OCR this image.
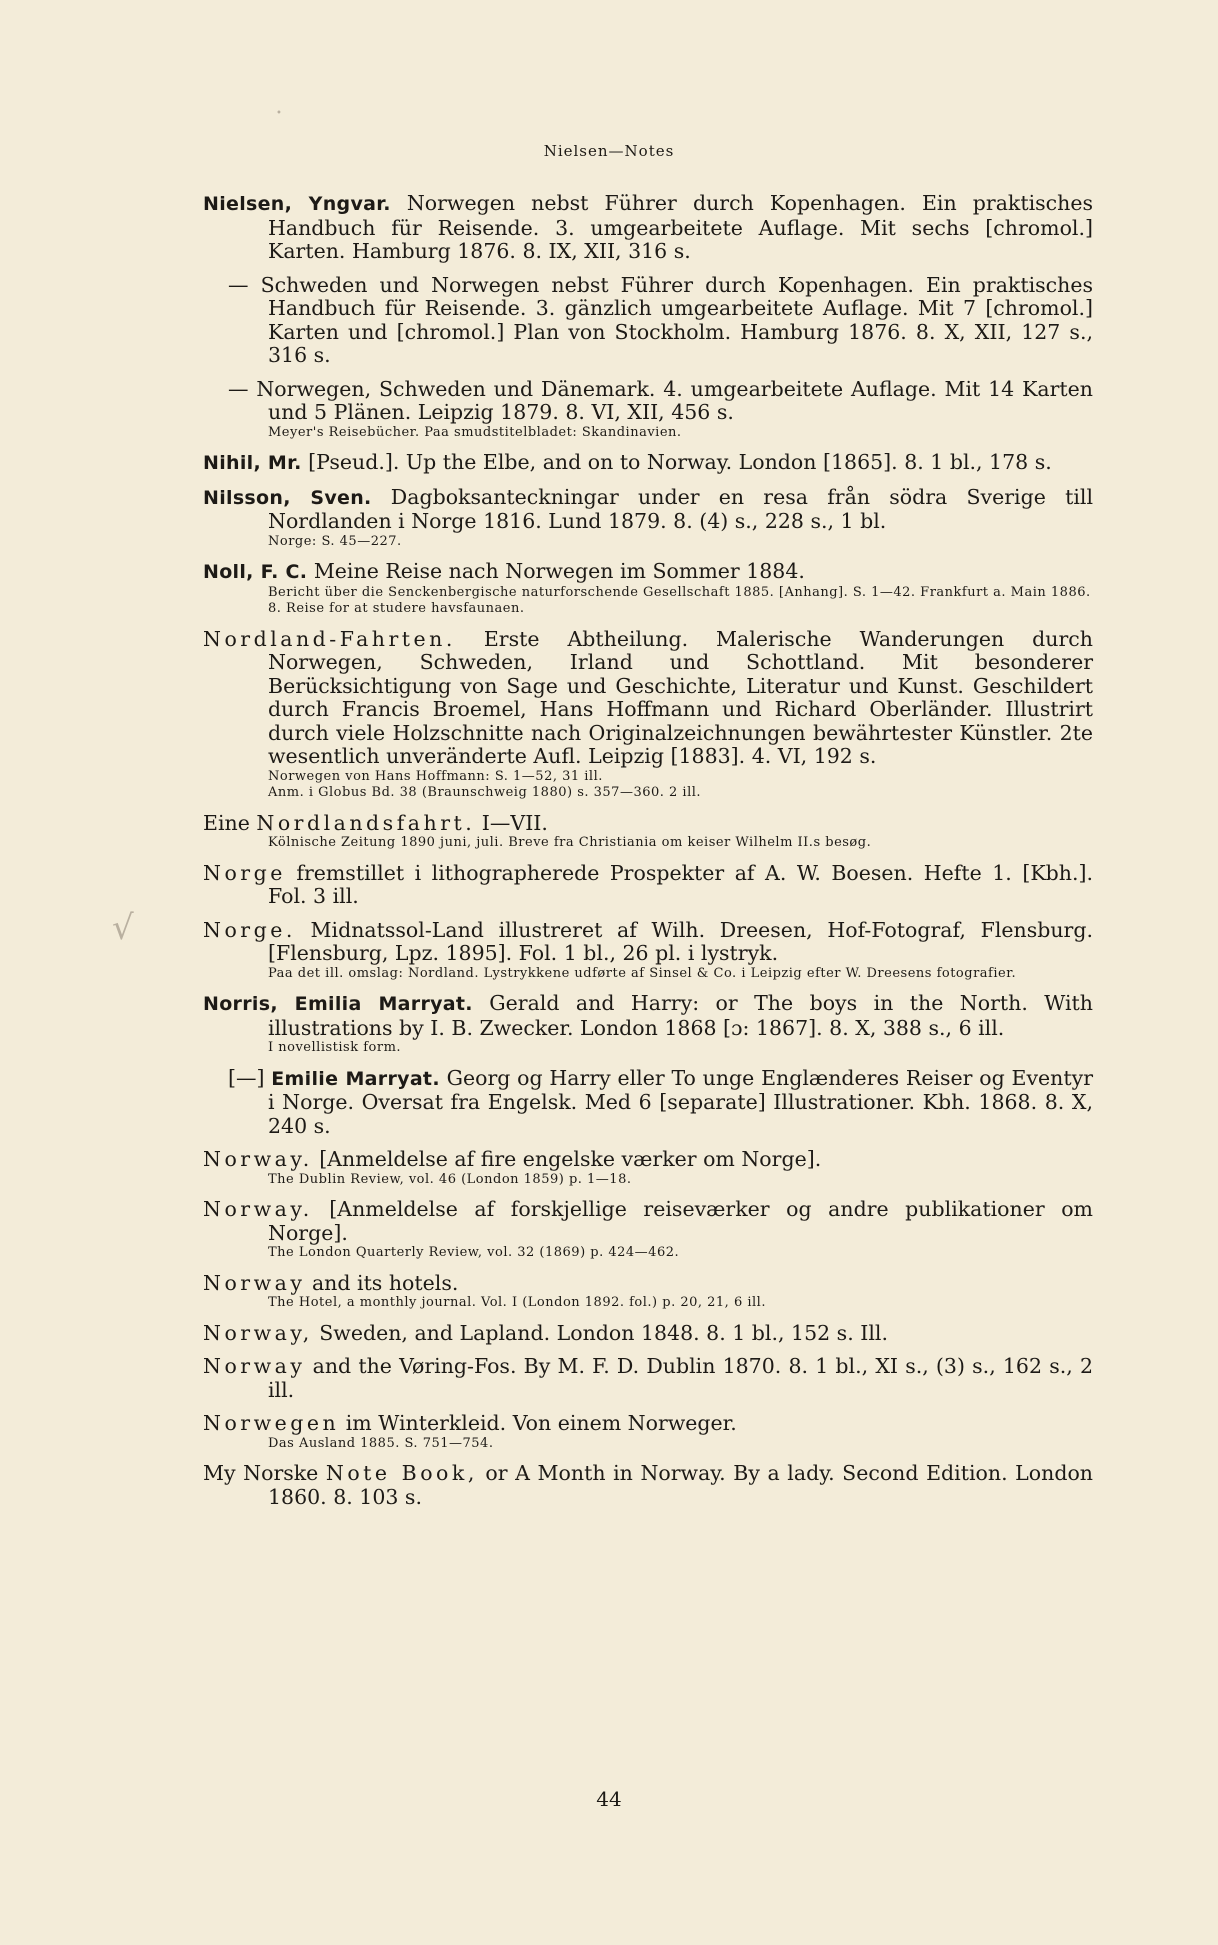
Nielsen—Notes
•
√
Nielsen, Yngvar. Norwegen nebst Führer durch Kopenhagen. Ein praktisches Handbuch für Reisende. 3. umgearbeitete Auflage. Mit sechs [chromol.] Karten. Hamburg 1876. 8. IX, XII, 316 s.
— Schweden und Norwegen nebst Führer durch Kopenhagen. Ein praktisches Handbuch für Reisende. 3. gänzlich umgearbeitete Auflage. Mit 7 [chromol.] Karten und [chromol.] Plan von Stockholm. Hamburg 1876. 8. X, XII, 127 s., 316 s.
— Norwegen, Schweden und Dänemark. 4. umgearbeitete Auflage. Mit 14 Karten und 5 Plänen. Leipzig 1879. 8. VI, XII, 456 s.
Meyer's Reisebücher. Paa smudstitelbladet: Skandinavien.
Nihil, Mr. [Pseud.]. Up the Elbe, and on to Norway. London [1865]. 8. 1 bl., 178 s.
Nilsson, Sven. Dagboksanteckningar under en resa från södra Sverige till Nordlanden i Norge 1816. Lund 1879. 8. (4) s., 228 s., 1 bl.
Norge: S. 45—227.
Noll, F. C. Meine Reise nach Norwegen im Sommer 1884.
Bericht über die Senckenbergische naturforschende Gesellschaft 1885. [Anhang]. S. 1—42. Frankfurt a. Main 1886. 8. Reise for at studere havsfaunaen.
Nordland-Fahrten. Erste Abtheilung. Malerische Wanderungen durch Norwegen, Schweden, Irland und Schottland. Mit besonderer Berücksichtigung von Sage und Geschichte, Literatur und Kunst. Geschildert durch Francis Broemel, Hans Hoffmann und Richard Oberländer. Illustrirt durch viele Holzschnitte nach Originalzeichnungen bewährtester Künstler. 2te wesentlich unveränderte Aufl. Leipzig [1883]. 4. VI, 192 s.
Norwegen von Hans Hoffmann: S. 1—52, 31 ill.
Anm. i Globus Bd. 38 (Braunschweig 1880) s. 357—360. 2 ill.
Eine Nordlandsfahrt. I—VII.
Kölnische Zeitung 1890 juni, juli. Breve fra Christiania om keiser Wilhelm II.s besøg.
Norge fremstillet i lithographerede Prospekter af A. W. Boesen. Hefte 1. [Kbh.]. Fol. 3 ill.
Norge. Midnatssol-Land illustreret af Wilh. Dreesen, Hof-Fotograf, Flensburg. [Flensburg, Lpz. 1895]. Fol. 1 bl., 26 pl. i lystryk.
Paa det ill. omslag: Nordland. Lystrykkene udførte af Sinsel & Co. i Leipzig efter W. Dreesens fotografier.
Norris, Emilia Marryat. Gerald and Harry: or The boys in the North. With illustrations by I. B. Zwecker. London 1868 [ɔ: 1867]. 8. X, 388 s., 6 ill.
I novellistisk form.
[—] Emilie Marryat. Georg og Harry eller To unge Englænderes Reiser og Eventyr i Norge. Oversat fra Engelsk. Med 6 [separate] Illustrationer. Kbh. 1868. 8. X, 240 s.
Norway. [Anmeldelse af fire engelske værker om Norge].
The Dublin Review, vol. 46 (London 1859) p. 1—18.
Norway. [Anmeldelse af forskjellige reiseværker og andre publikationer om Norge].
The London Quarterly Review, vol. 32 (1869) p. 424—462.
Norway and its hotels.
The Hotel, a monthly journal. Vol. I (London 1892. fol.) p. 20, 21, 6 ill.
Norway, Sweden, and Lapland. London 1848. 8. 1 bl., 152 s. Ill.
Norway and the Vøring-Fos. By M. F. D. Dublin 1870. 8. 1 bl., XI s., (3) s., 162 s., 2 ill.
Norwegen im Winterkleid. Von einem Norweger.
Das Ausland 1885. S. 751—754.
My Norske Note Book, or A Month in Norway. By a lady. Second Edition. London 1860. 8. 103 s.
44
